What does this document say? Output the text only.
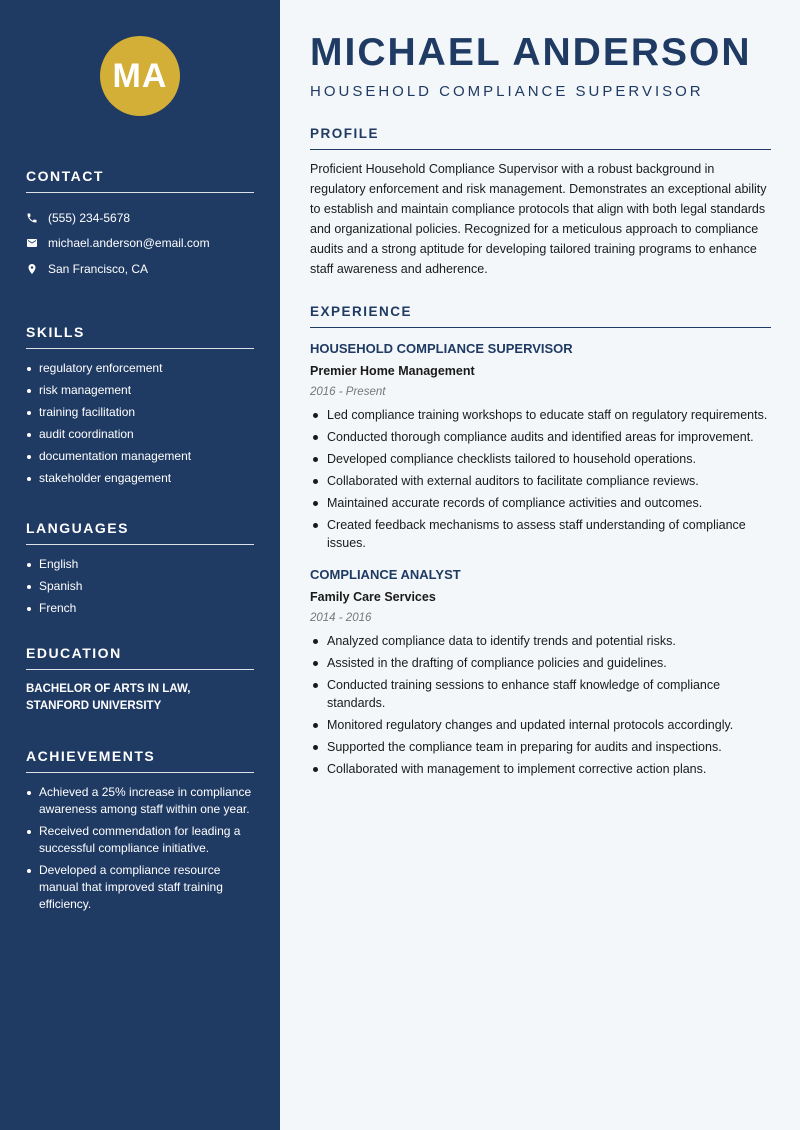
MA
CONTACT
(555) 234-5678
michael.anderson@email.com
San Francisco, CA
SKILLS
regulatory enforcement
risk management
training facilitation
audit coordination
documentation management
stakeholder engagement
LANGUAGES
English
Spanish
French
EDUCATION
BACHELOR OF ARTS IN LAW, STANFORD UNIVERSITY
ACHIEVEMENTS
Achieved a 25% increase in compliance awareness among staff within one year.
Received commendation for leading a successful compliance initiative.
Developed a compliance resource manual that improved staff training efficiency.
MICHAEL ANDERSON
HOUSEHOLD COMPLIANCE SUPERVISOR
PROFILE

Proficient Household Compliance Supervisor with a robust background in regulatory enforcement and risk management. Demonstrates an exceptional ability to establish and maintain compliance protocols that align with both legal standards and organizational policies. Recognized for a meticulous approach to compliance audits and a strong aptitude for developing tailored training programs to enhance staff awareness and adherence.

EXPERIENCE
HOUSEHOLD COMPLIANCE SUPERVISOR
Premier Home Management
2016 - Present
Led compliance training workshops to educate staff on regulatory requirements.
Conducted thorough compliance audits and identified areas for improvement.
Developed compliance checklists tailored to household operations.
Collaborated with external auditors to facilitate compliance reviews.
Maintained accurate records of compliance activities and outcomes.
Created feedback mechanisms to assess staff understanding of compliance issues.
COMPLIANCE ANALYST
Family Care Services
2014 - 2016
Analyzed compliance data to identify trends and potential risks.
Assisted in the drafting of compliance policies and guidelines.
Conducted training sessions to enhance staff knowledge of compliance standards.
Monitored regulatory changes and updated internal protocols accordingly.
Supported the compliance team in preparing for audits and inspections.
Collaborated with management to implement corrective action plans.
